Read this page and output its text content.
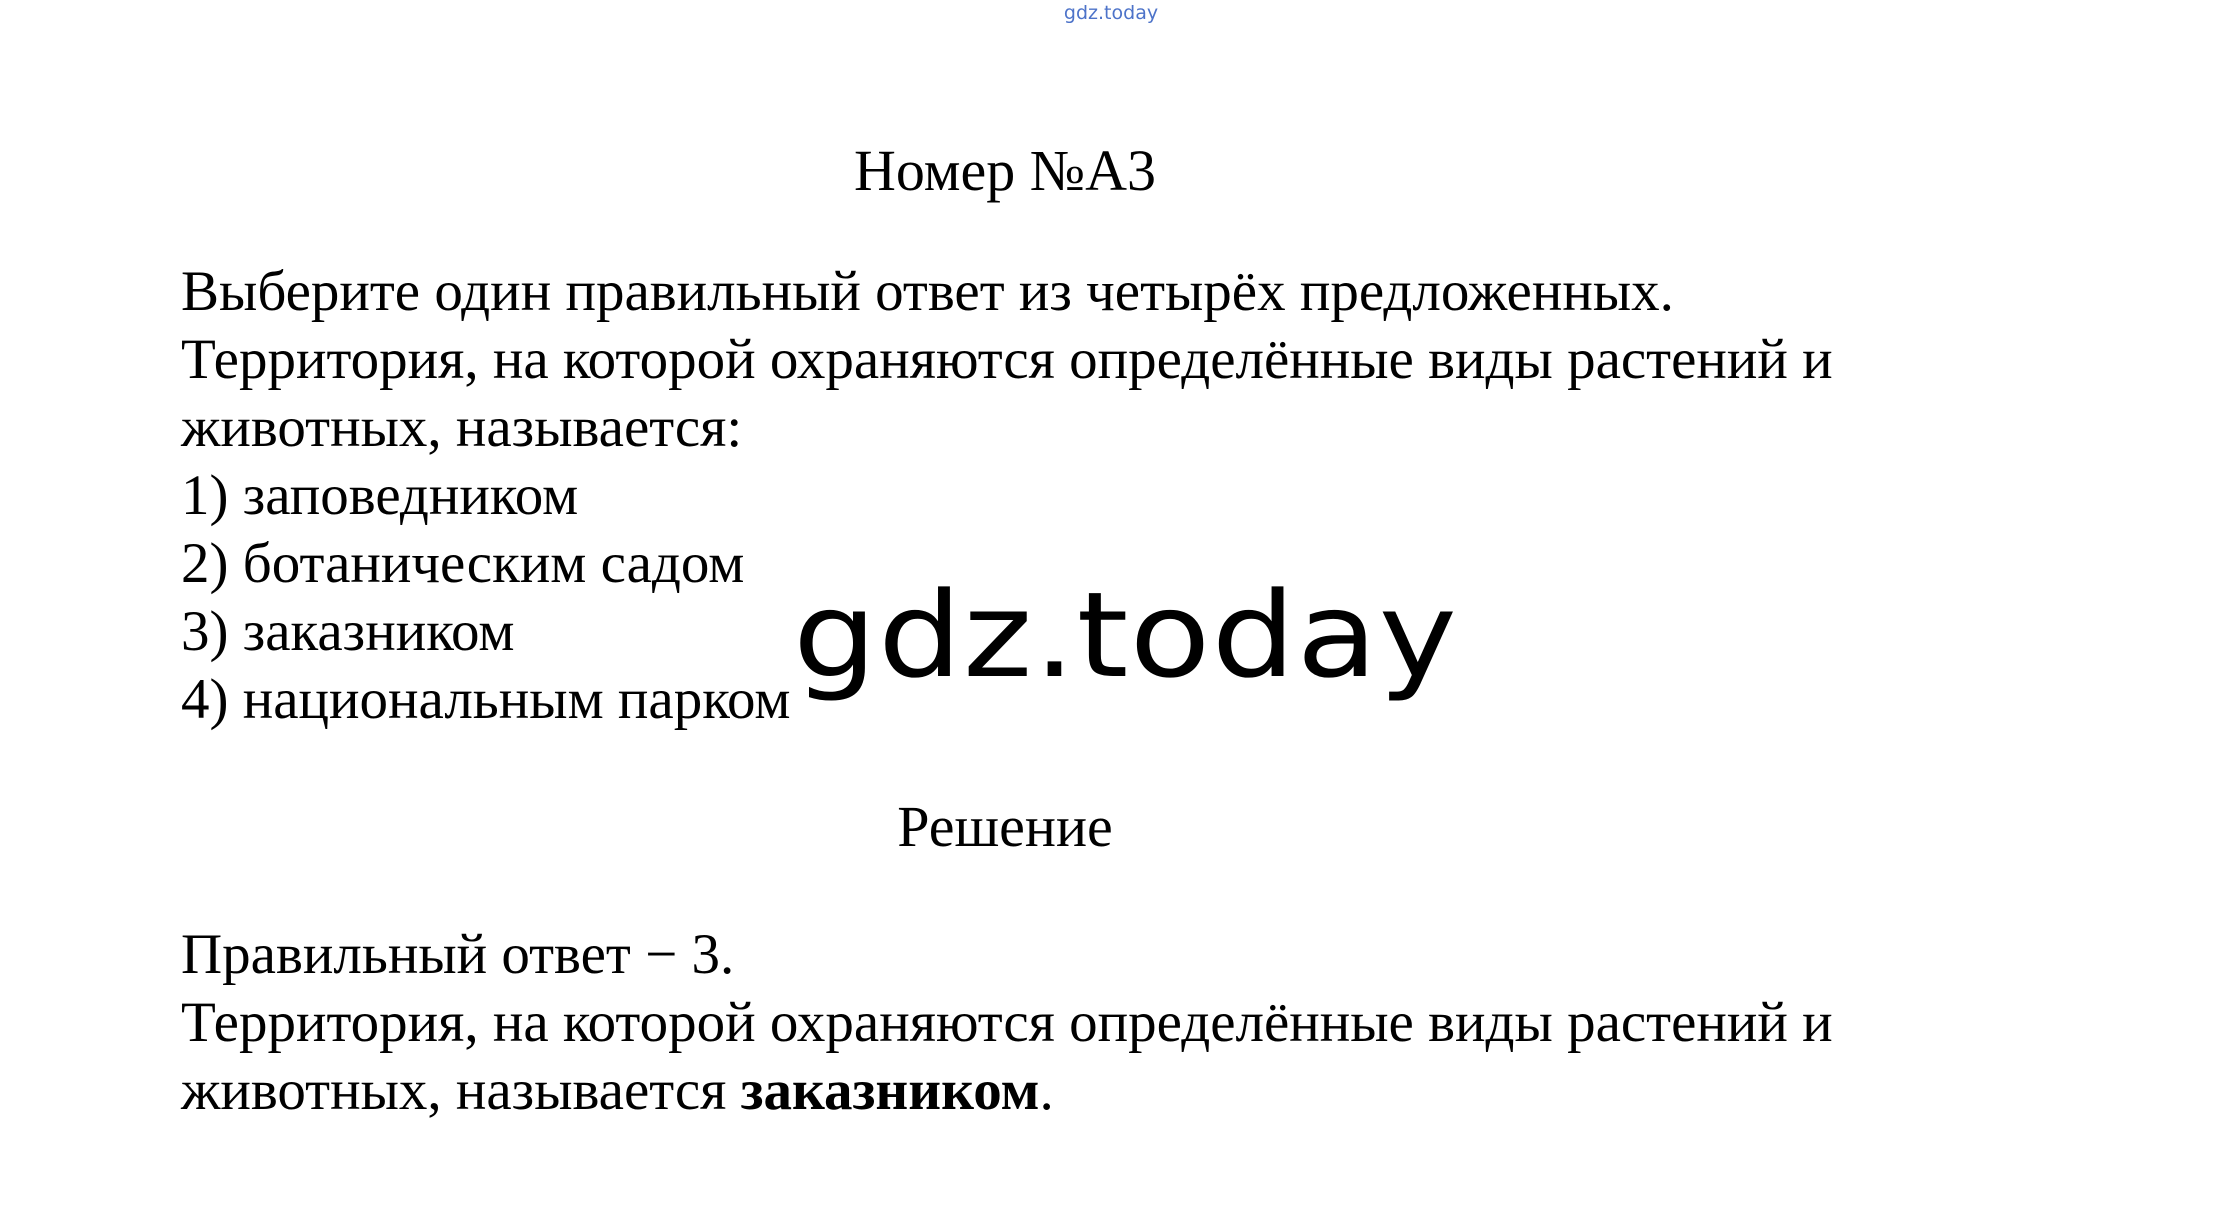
gdz.today
Номер №А3
Выберите один правильный ответ из четырёх предложенных.
Территория, на которой охраняются определённые виды растений и
животных, называется:
1) заповедником
2) ботаническим садом
3) заказником
4) национальным парком gdz.today
Решение
Правильный ответ − 3.
Территория, на которой охраняются определённые виды растений и
животных, называется заказником.
